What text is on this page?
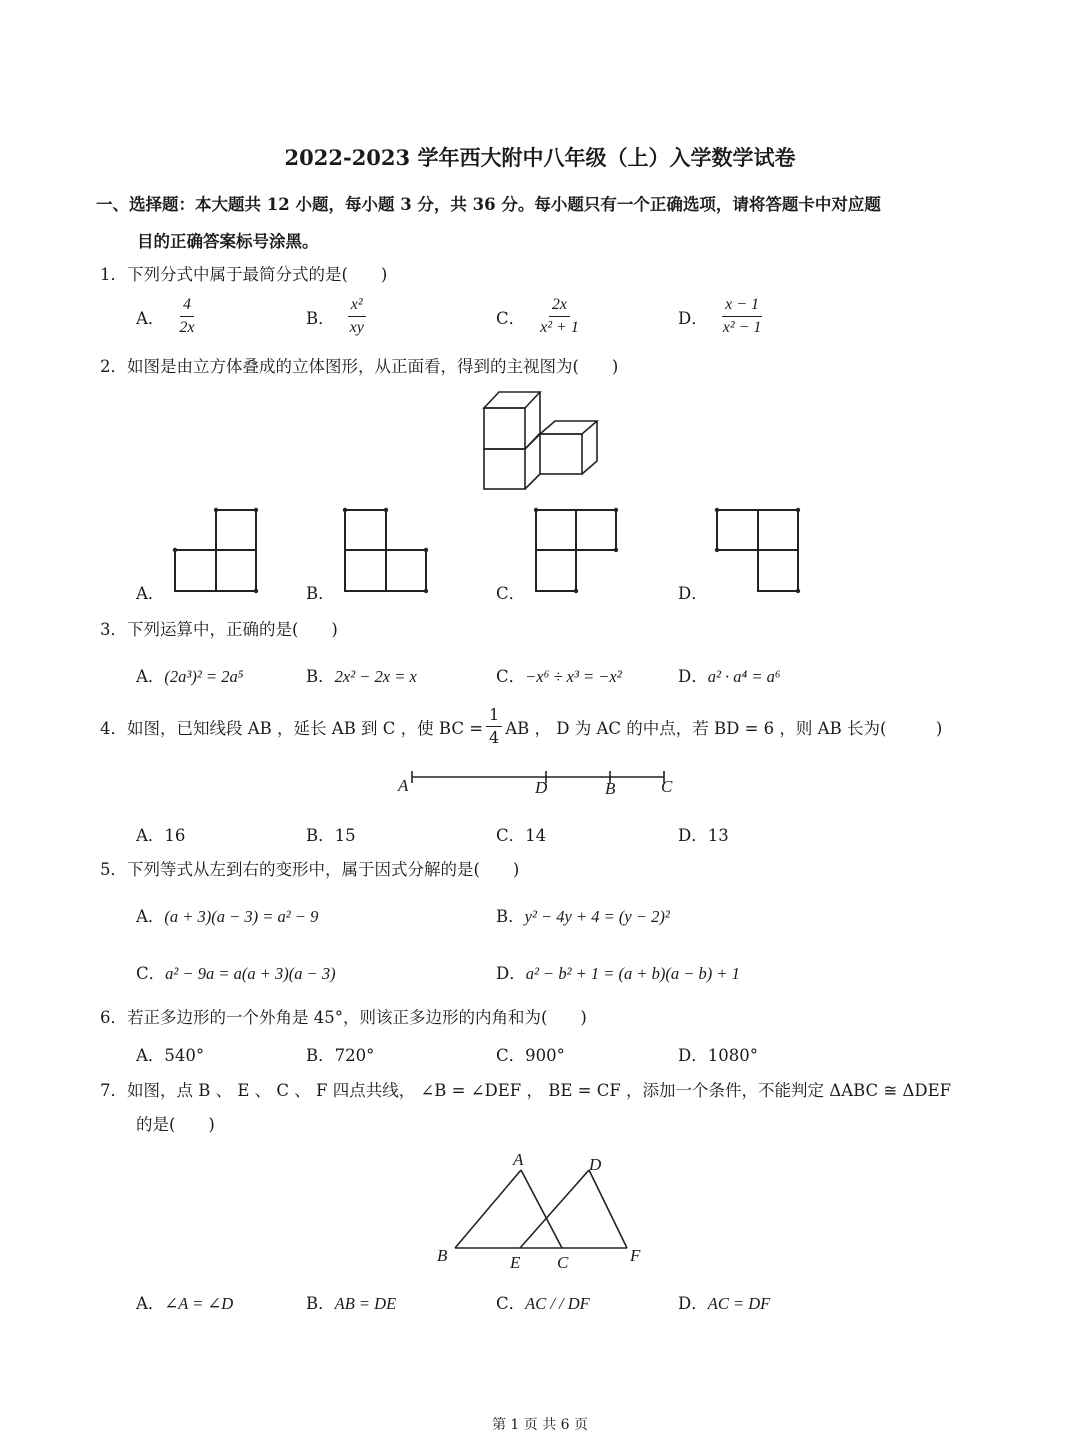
2022-2023 学年西大附中八年级（上）入学数学试卷
一、选择题：本大题共 12 小题，每小题 3 分，共 36 分。每小题只有一个正确选项，请将答题卡中对应题
目的正确答案标号涂黑。
1．下列分式中属于最简分式的是(　　)
A． $\frac{4}{2x}$	B． $\frac{\text{x²}}{xy}$	C． $\frac{2x}{\text{x² + 1}}$	D． $\frac{x - 1}{\text{x² − 1}}$
2．如图是由立方体叠成的立体图形，从正面看，得到的主视图为(　　)
A．	B．	C．	D．
3．下列运算中，正确的是(　　)
A．(2a³)² = 2a⁵	B．2x² − 2x = x	C．−x⁶ ÷ x³ = −x²	D．a² · a⁴ = a⁶
4．如图，已知线段 AB ，延长 AB 到 C ，使 BC = $\frac{1}{4}$ AB ， D 为 AC 的中点，若 BD = 6 ，则 AB 长为(　　　)
A	D	B	C
A．16	B．15	C．14	D．13
5．下列等式从左到右的变形中，属于因式分解的是(　　)
A．(a + 3)(a − 3) = a² − 9	B．y² − 4y + 4 = (y − 2)²
C．a² − 9a = a(a + 3)(a − 3)	D．a² − b² + 1 = (a + b)(a − b) + 1
6．若正多边形的一个外角是 45°，则该正多边形的内角和为(　　)
A．540°	B．720°	C．900°	D．1080°
7．如图，点 B 、 E 、 C 、 F 四点共线， ∠B = ∠DEF ， BE = CF ，添加一个条件，不能判定 ΔABC ≅ ΔDEF
的是(　　)
A	D
B	E C	F
A．∠A = ∠D	B．AB = DE	C．AC / / DF	D．AC = DF
第 1 页 共 6 页
